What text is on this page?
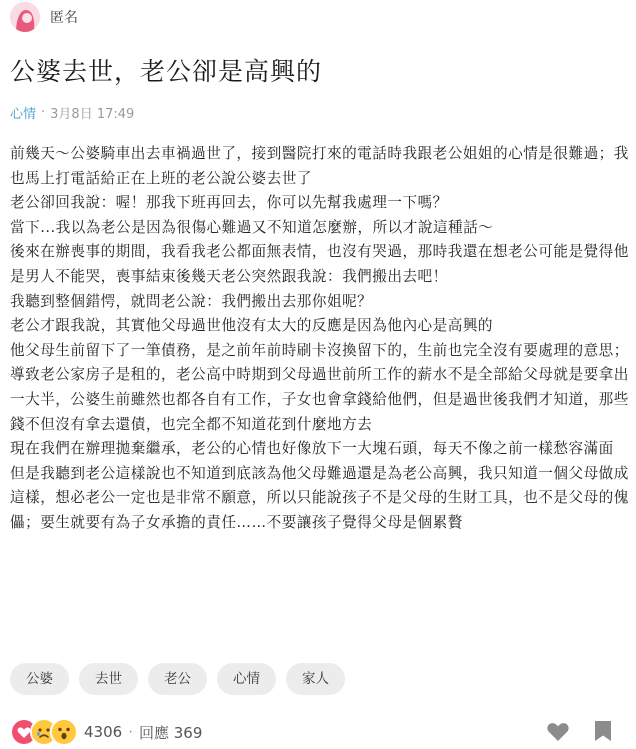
匿名
公婆去世，老公卻是高興的
心情 · 3月8日 17:49

前幾天～公婆騎車出去車禍過世了，接到醫院打來的電話時我跟老公姐姐的心情是很難過；我也馬上打電話給正在上班的老公說公婆去世了

老公卻回我說：喔！那我下班再回去，你可以先幫我處理一下嗎？

當下...我以為老公是因為很傷心難過又不知道怎麼辦，所以才說這種話～

後來在辦喪事的期間，我看我老公都面無表情，也沒有哭過，那時我還在想老公可能是覺得他是男人不能哭，喪事結束後幾天老公突然跟我說：我們搬出去吧！

我聽到整個錯愕，就問老公說：我們搬出去那你姐呢？

老公才跟我說，其實他父母過世他沒有太大的反應是因為他內心是高興的

他父母生前留下了一筆債務，是之前年前時刷卡沒換留下的，生前也完全沒有要處理的意思；導致老公家房子是租的，老公高中時期到父母過世前所工作的薪水不是全部給父母就是要拿出一大半，公婆生前雖然也都各自有工作，子女也會拿錢給他們，但是過世後我們才知道，那些錢不但沒有拿去還債，也完全都不知道花到什麼地方去

現在我們在辦理拋棄繼承，老公的心情也好像放下一大塊石頭，每天不像之前一樣愁容滿面

但是我聽到老公這樣說也不知道到底該為他父母難過還是為老公高興，我只知道一個父母做成這樣，想必老公一定也是非常不願意，所以只能說孩子不是父母的生財工具，也不是父母的傀儡；要生就要有為子女承擔的責任……不要讓孩子覺得父母是個累贅

公婆	去世	老公	心情	家人
4306 · 回應 369
